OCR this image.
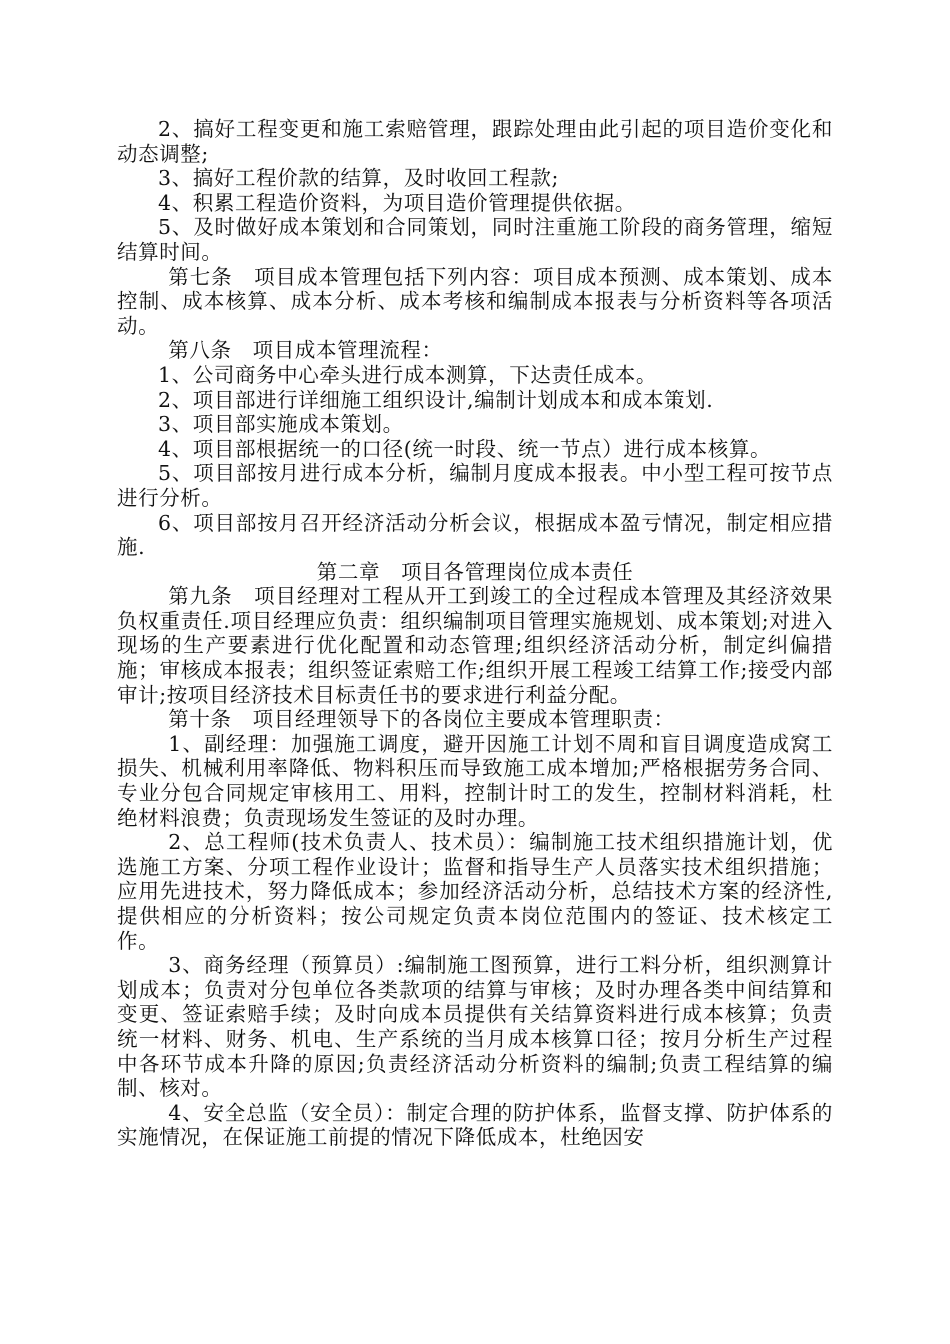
2、搞好工程变更和施工索赔管理，跟踪处理由此引起的项目造价变化和动态调整;

3、搞好工程价款的结算，及时收回工程款;

4、积累工程造价资料，为项目造价管理提供依据。

5、及时做好成本策划和合同策划，同时注重施工阶段的商务管理，缩短结算时间。

第七条　项目成本管理包括下列内容：项目成本预测、成本策划、成本控制、成本核算、成本分析、成本考核和编制成本报表与分析资料等各项活动。

第八条　项目成本管理流程：

1、公司商务中心牵头进行成本测算，下达责任成本。

2、项目部进行详细施工组织设计,编制计划成本和成本策划.

3、项目部实施成本策划。

4、项目部根据统一的口径(统一时段、统一节点）进行成本核算。

5、项目部按月进行成本分析，编制月度成本报表。中小型工程可按节点进行分析。

6、项目部按月召开经济活动分析会议，根据成本盈亏情况，制定相应措施.

第二章　项目各管理岗位成本责任

第九条　项目经理对工程从开工到竣工的全过程成本管理及其经济效果负权重责任.项目经理应负责：组织编制项目管理实施规划、成本策划;对进入现场的生产要素进行优化配置和动态管理;组织经济活动分析，制定纠偏措施；审核成本报表；组织签证索赔工作;组织开展工程竣工结算工作;接受内部审计;按项目经济技术目标责任书的要求进行利益分配。

第十条　项目经理领导下的各岗位主要成本管理职责：

1、副经理：加强施工调度，避开因施工计划不周和盲目调度造成窝工损失、机械利用率降低、物料积压而导致施工成本增加;严格根据劳务合同、专业分包合同规定审核用工、用料，控制计时工的发生，控制材料消耗，杜绝材料浪费；负责现场发生签证的及时办理。

2、总工程师(技术负责人、技术员）：编制施工技术组织措施计划，优选施工方案、分项工程作业设计；监督和指导生产人员落实技术组织措施；应用先进技术，努力降低成本；参加经济活动分析，总结技术方案的经济性,提供相应的分析资料；按公司规定负责本岗位范围内的签证、技术核定工作。

3、商务经理（预算员）:编制施工图预算，进行工料分析，组织测算计划成本；负责对分包单位各类款项的结算与审核；及时办理各类中间结算和变更、签证索赔手续；及时向成本员提供有关结算资料进行成本核算；负责统一材料、财务、机电、生产系统的当月成本核算口径；按月分析生产过程中各环节成本升降的原因;负责经济活动分析资料的编制;负责工程结算的编制、核对。

4、安全总监（安全员）：制定合理的防护体系，监督支撑、防护体系的实施情况，在保证施工前提的情况下降低成本，杜绝因安
